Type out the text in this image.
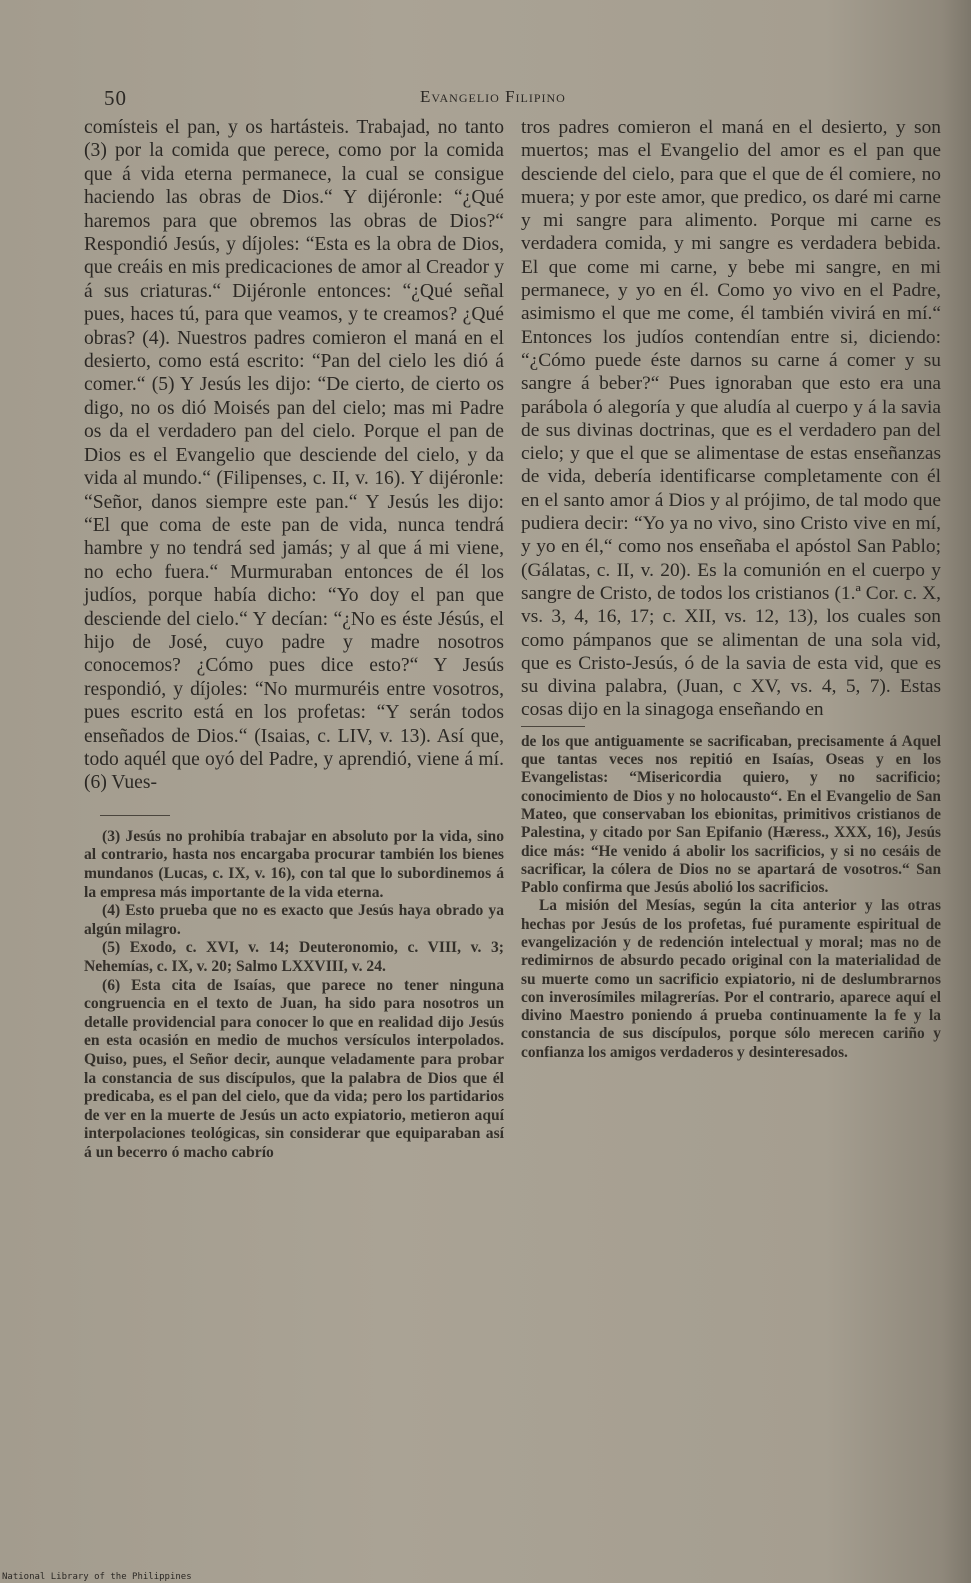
50	Evangelio Filipino

comísteis el pan, y os hartásteis. Trabajad, no tanto (3) por la comida que perece, como por la comida que á vida eterna permanece, la cual se consigue haciendo las obras de Dios.“ Y dijéronle: “¿Qué haremos para que obremos las obras de Dios?“ Respondió Jesús, y díjoles: “Esta es la obra de Dios, que creáis en mis predicaciones de amor al Creador y á sus criaturas.“ Dijéronle entonces: “¿Qué señal pues, haces tú, para que veamos, y te creamos? ¿Qué obras? (4). Nuestros padres comieron el maná en el desierto, como está escrito: “Pan del cielo les dió á comer.“ (5) Y Jesús les dijo: “De cierto, de cierto os digo, no os dió Moisés pan del cielo; mas mi Padre os da el verdadero pan del cielo. Porque el pan de Dios es el Evangelio que desciende del cielo, y da vida al mundo.“ (Filipenses, c. II, v. 16). Y dijéronle: “Señor, danos siempre este pan.“ Y Jesús les dijo: “El que coma de este pan de vida, nunca tendrá hambre y no tendrá sed jamás; y al que á mi viene, no echo fuera.“ Murmuraban entonces de él los judíos, porque había dicho: “Yo doy el pan que desciende del cielo.“ Y decían: “¿No es éste Jésús, el hijo de José, cuyo padre y madre nosotros conocemos? ¿Cómo pues dice esto?“ Y Jesús respondió, y díjoles: “No murmuréis entre vosotros, pues escrito está en los profetas: “Y serán todos enseñados de Dios.“ (Isaias, c. LIV, v. 13). Así que, todo aquél que oyó del Padre, y aprendió, viene á mí. (6) Vues-

(3) Jesús no prohibía trabajar en absoluto por la vida, sino al contrario, hasta nos encargaba procurar también los bienes mundanos (Lucas, c. IX, v. 16), con tal que lo subordinemos á la empresa más importante de la vida eterna.

(4) Esto prueba que no es exacto que Jesús haya obrado ya algún milagro.

(5) Exodo, c. XVI, v. 14; Deuteronomio, c. VIII, v. 3; Nehemías, c. IX, v. 20; Salmo LXXVIII, v. 24.

(6) Esta cita de Isaías, que parece no tener ninguna congruencia en el texto de Juan, ha sido para nosotros un detalle providencial para conocer lo que en realidad dijo Jesús en esta ocasión en medio de muchos versículos interpolados. Quiso, pues, el Señor decir, aunque veladamente para probar la constancia de sus discípulos, que la palabra de Dios que él predicaba, es el pan del cielo, que da vida; pero los partidarios de ver en la muerte de Jesús un acto expiatorio, metieron aquí interpolaciones teológicas, sin considerar que equiparaban así á un becerro ó macho cabrío

tros padres comieron el maná en el desierto, y son muertos; mas el Evangelio del amor es el pan que desciende del cielo, para que el que de él comiere, no muera; y por este amor, que predico, os daré mi carne y mi sangre para alimento. Porque mi carne es verdadera comida, y mi sangre es verdadera bebida. El que come mi carne, y bebe mi sangre, en mi permanece, y yo en él. Como yo vivo en el Padre, asimismo el que me come, él también vivirá en mí.“ Entonces los judíos contendían entre si, diciendo: “¿Cómo puede éste darnos su carne á comer y su sangre á beber?“ Pues ignoraban que esto era una parábola ó alegoría y que aludía al cuerpo y á la savia de sus divinas doctrinas, que es el verdadero pan del cielo; y que el que se alimentase de estas enseñanzas de vida, debería identificarse completamente con él en el santo amor á Dios y al prójimo, de tal modo que pudiera decir: “Yo ya no vivo, sino Cristo vive en mí, y yo en él,“ como nos enseñaba el apóstol San Pablo; (Gálatas, c. II, v. 20). Es la comunión en el cuerpo y sangre de Cristo, de todos los cristianos (1.ª Cor. c. X, vs. 3, 4, 16, 17; c. XII, vs. 12, 13), los cuales son como pámpanos que se alimentan de una sola vid, que es Cristo-Jesús, ó de la savia de esta vid, que es su divina palabra, (Juan, c XV, vs. 4, 5, 7). Estas cosas dijo en la sinagoga enseñando en

de los que antiguamente se sacrificaban, precisamente á Aquel que tantas veces nos repitió en Isaías, Oseas y en los Evangelistas: “Misericordia quiero, y no sacrificio; conocimiento de Dios y no holocausto“. En el Evangelio de San Mateo, que conservaban los ebionitas, primitivos cristianos de Palestina, y citado por San Epifanio (Hæress., XXX, 16), Jesús dice más: “He venido á abolir los sacrificios, y si no cesáis de sacrificar, la cólera de Dios no se apartará de vosotros.“ San Pablo confirma que Jesús abolió los sacrificios.

La misión del Mesías, según la cita anterior y las otras hechas por Jesús de los profetas, fué puramente espiritual de evangelización y de redención intelectual y moral; mas no de redimirnos de absurdo pecado original con la materialidad de su muerte como un sacrificio expiatorio, ni de deslumbrarnos con inverosímiles milagrerías. Por el contrario, aparece aquí el divino Maestro poniendo á prueba continuamente la fe y la constancia de sus discípulos, porque sólo merecen cariño y confianza los amigos verdaderos y desinteresados.

National Library of the Philippines
